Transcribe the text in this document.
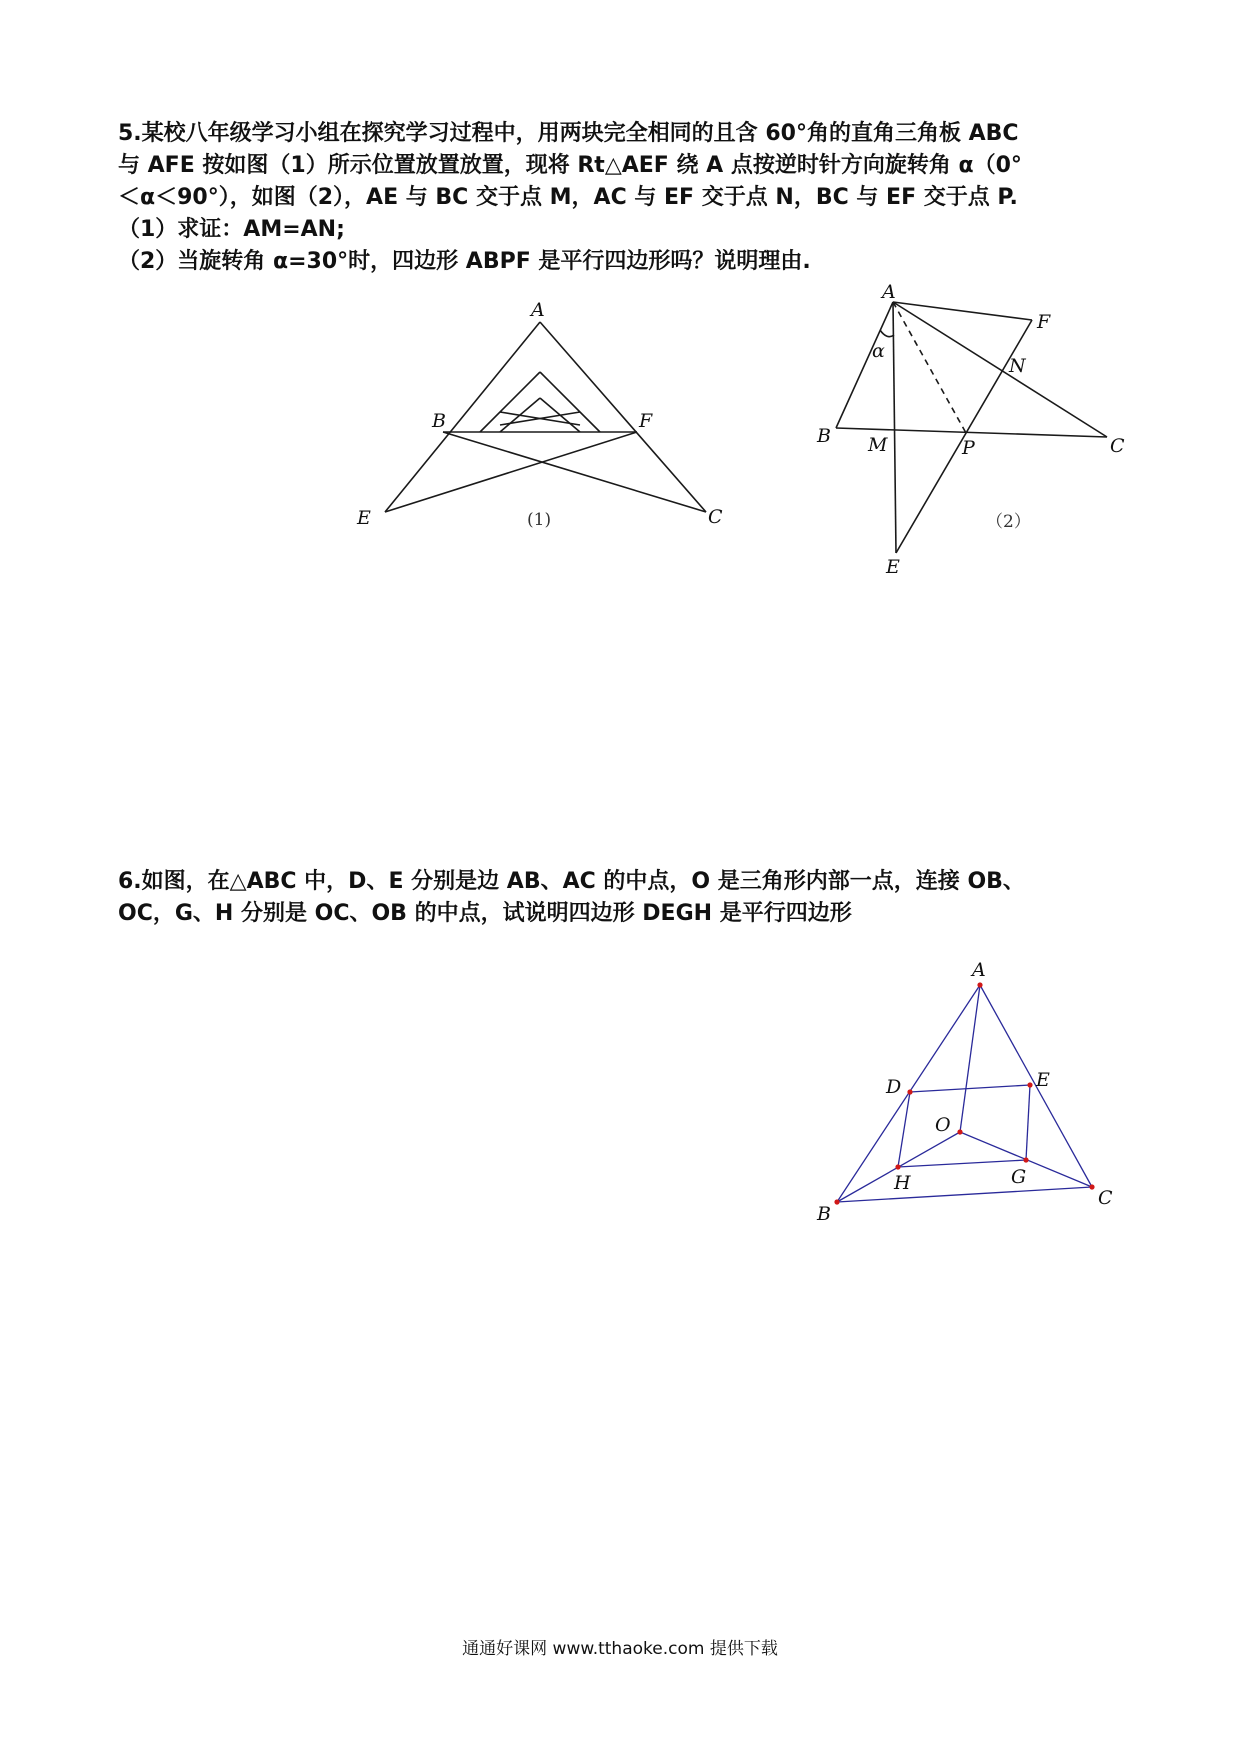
5.某校八年级学习小组在探究学习过程中，用两块完全相同的且含 60°角的直角三角板 ABC

与 AFE 按如图（1）所示位置放置放置，现将 Rt△AEF 绕 A 点按逆时针方向旋转角 α（0°

＜α＜90°），如图（2），AE 与 BC 交于点 M，AC 与 EF 交于点 N，BC 与 EF 交于点 P.

（1）求证：AM=AN;

（2）当旋转角 α=30°时，四边形 ABPF 是平行四边形吗？说明理由.

A
B	F
E	C
(1)
A
F
N
α
B M	P	C
E
（2）

6.如图，在△ABC 中，D、E 分别是边 AB、AC 的中点，O 是三角形内部一点，连接 OB、

OC，G、H 分别是 OC、OB 的中点，试说明四边形 DEGH 是平行四边形

A
D	E
O
H	G
B
C
通通好课网 www.tthaoke.com 提供下载
